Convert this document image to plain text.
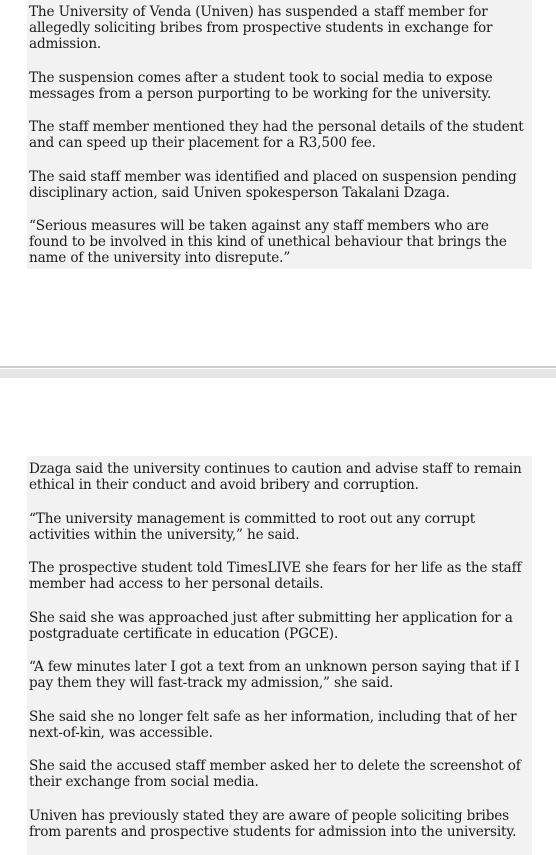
The University of Venda (Univen) has suspended a staff member for allegedly soliciting bribes from prospective students in exchange for admission.

The suspension comes after a student took to social media to expose messages from a person purporting to be working for the university.

The staff member mentioned they had the personal details of the student and can speed up their placement for a R3,500 fee.

The said staff member was identified and placed on suspension pending disciplinary action, said Univen spokesperson Takalani Dzaga.

“Serious measures will be taken against any staff members who are found to be involved in this kind of unethical behaviour that brings the name of the university into disrepute.”

Dzaga said the university continues to caution and advise staff to remain ethical in their conduct and avoid bribery and corruption.

“The university management is committed to root out any corrupt activities within the university,” he said.

The prospective student told TimesLIVE she fears for her life as the staff member had access to her personal details.

She said she was approached just after submitting her application for a postgraduate certificate in education (PGCE).

“A few minutes later I got a text from an unknown person saying that if I pay them they will fast-track my admission,” she said.

She said she no longer felt safe as her information, including that of her next-of-kin, was accessible.

She said the accused staff member asked her to delete the screenshot of their exchange from social media.

Univen has previously stated they are aware of people soliciting bribes from parents and prospective students for admission into the university.
